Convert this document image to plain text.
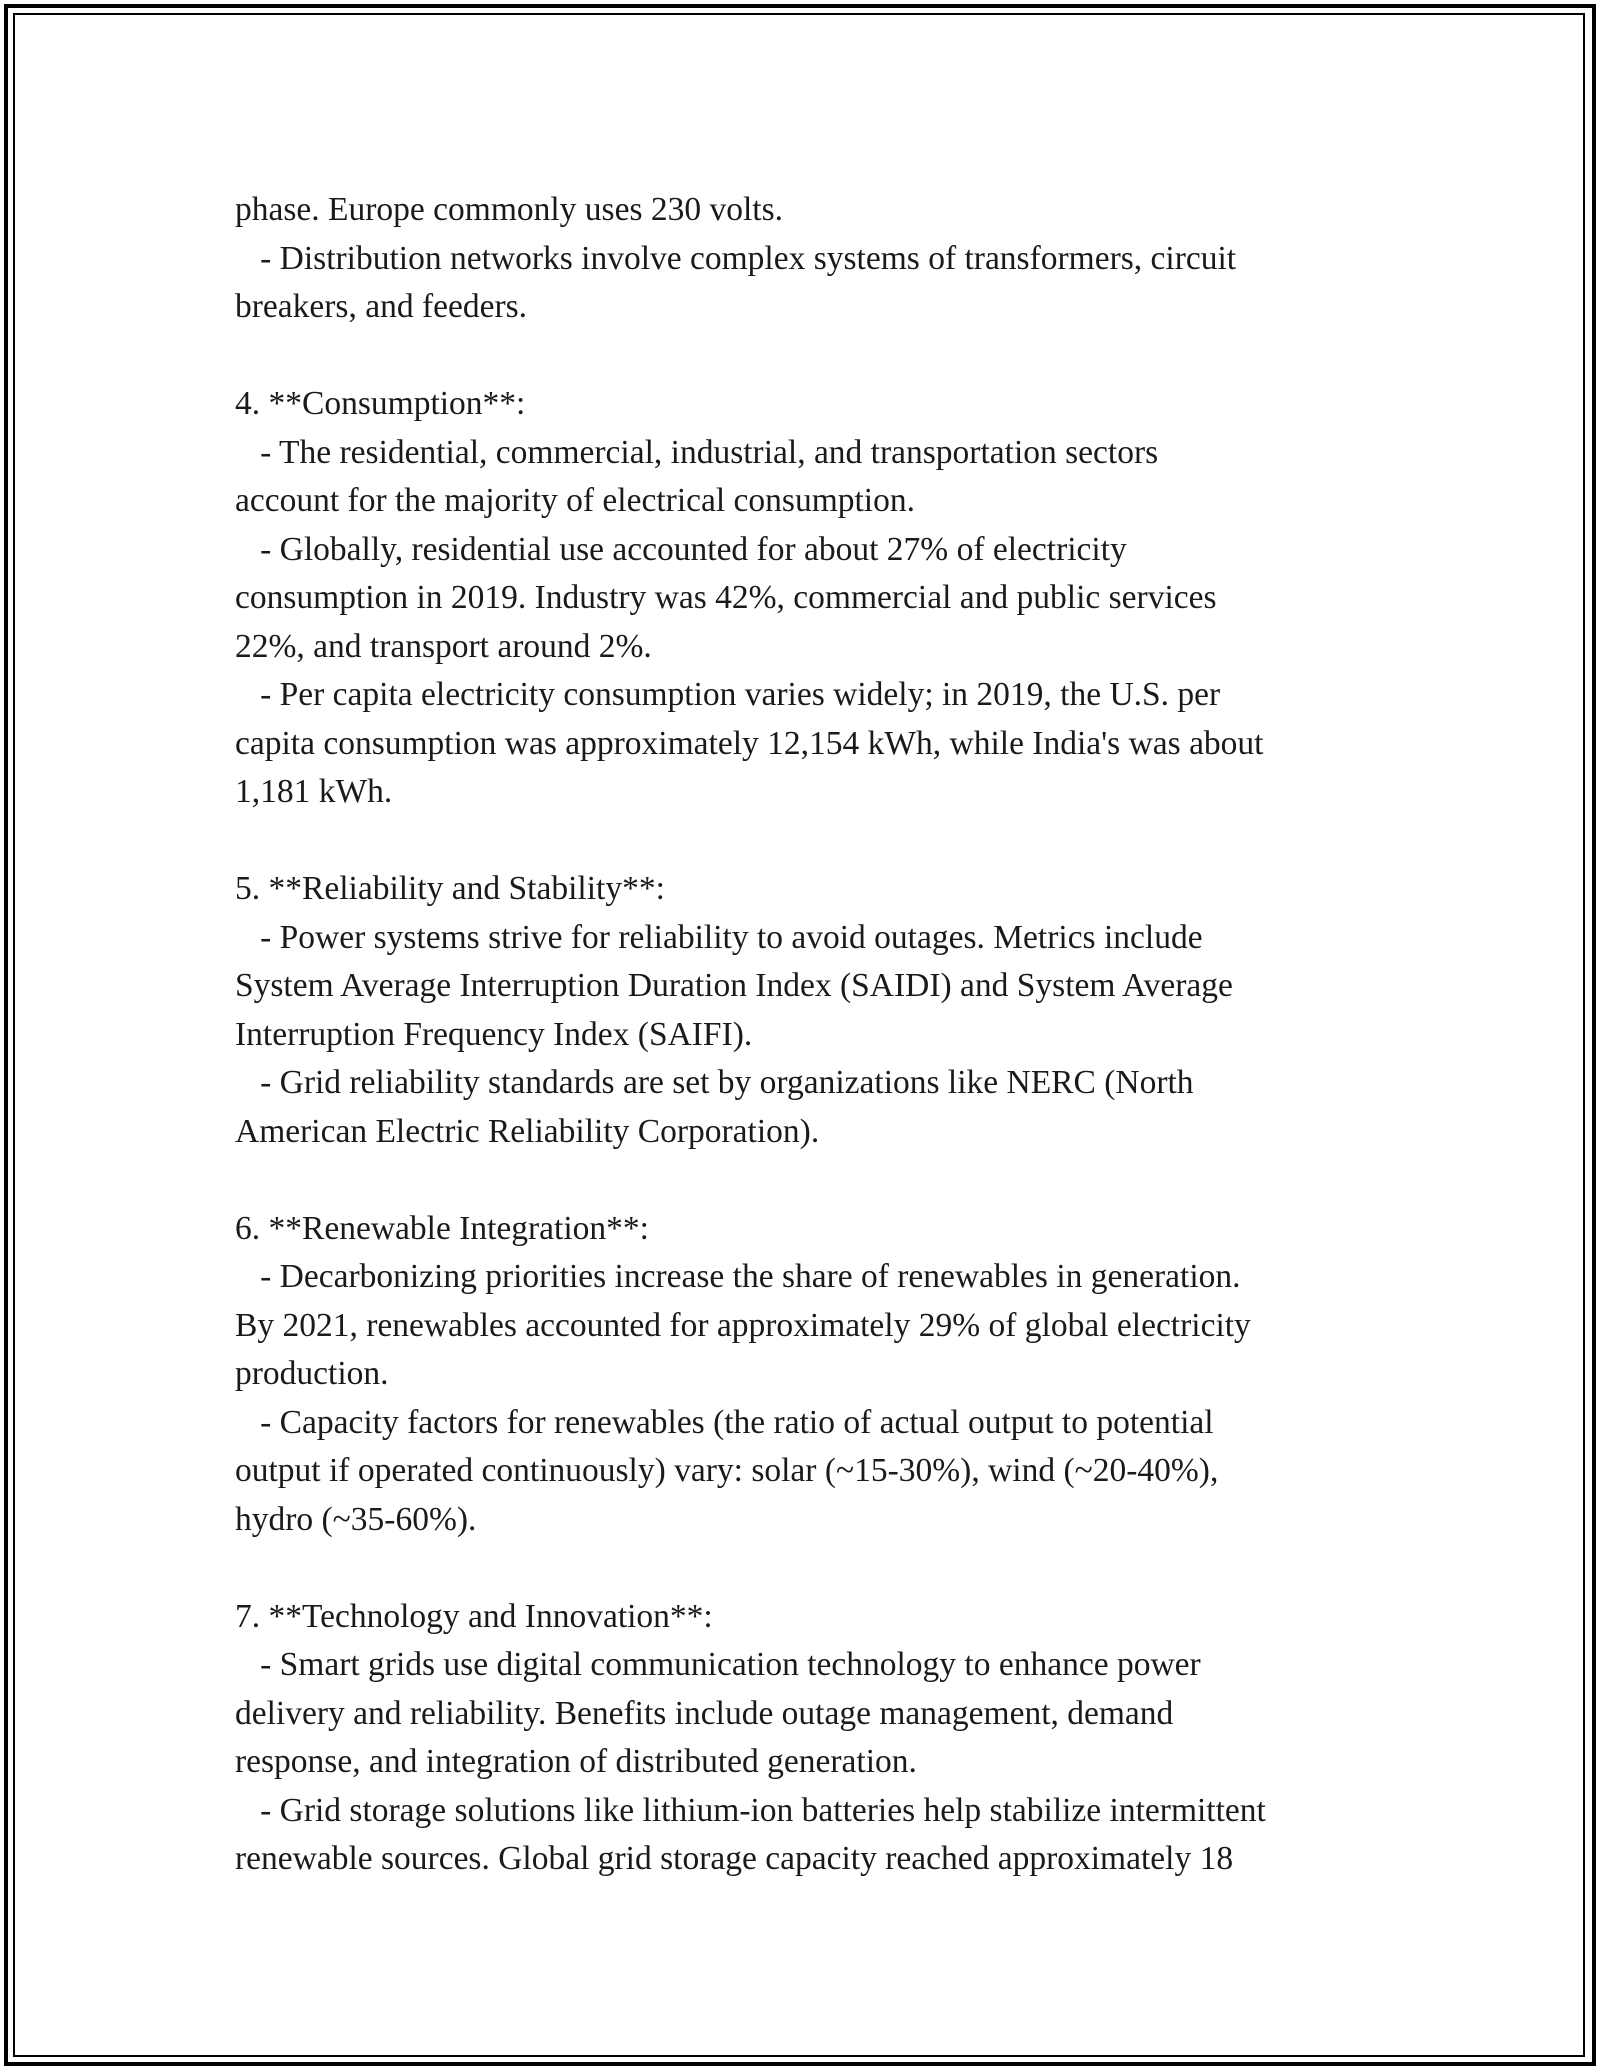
phase. Europe commonly uses 230 volts.
- Distribution networks involve complex systems of transformers, circuit
breakers, and feeders.
4. **Consumption**:
- The residential, commercial, industrial, and transportation sectors
account for the majority of electrical consumption.
- Globally, residential use accounted for about 27% of electricity
consumption in 2019. Industry was 42%, commercial and public services
22%, and transport around 2%.
- Per capita electricity consumption varies widely; in 2019, the U.S. per
capita consumption was approximately 12,154 kWh, while India's was about
1,181 kWh.
5. **Reliability and Stability**:
- Power systems strive for reliability to avoid outages. Metrics include
System Average Interruption Duration Index (SAIDI) and System Average
Interruption Frequency Index (SAIFI).
- Grid reliability standards are set by organizations like NERC (North
American Electric Reliability Corporation).
6. **Renewable Integration**:
- Decarbonizing priorities increase the share of renewables in generation.
By 2021, renewables accounted for approximately 29% of global electricity
production.
- Capacity factors for renewables (the ratio of actual output to potential
output if operated continuously) vary: solar (~15-30%), wind (~20-40%),
hydro (~35-60%).
7. **Technology and Innovation**:
- Smart grids use digital communication technology to enhance power
delivery and reliability. Benefits include outage management, demand
response, and integration of distributed generation.
- Grid storage solutions like lithium-ion batteries help stabilize intermittent
renewable sources. Global grid storage capacity reached approximately 18
